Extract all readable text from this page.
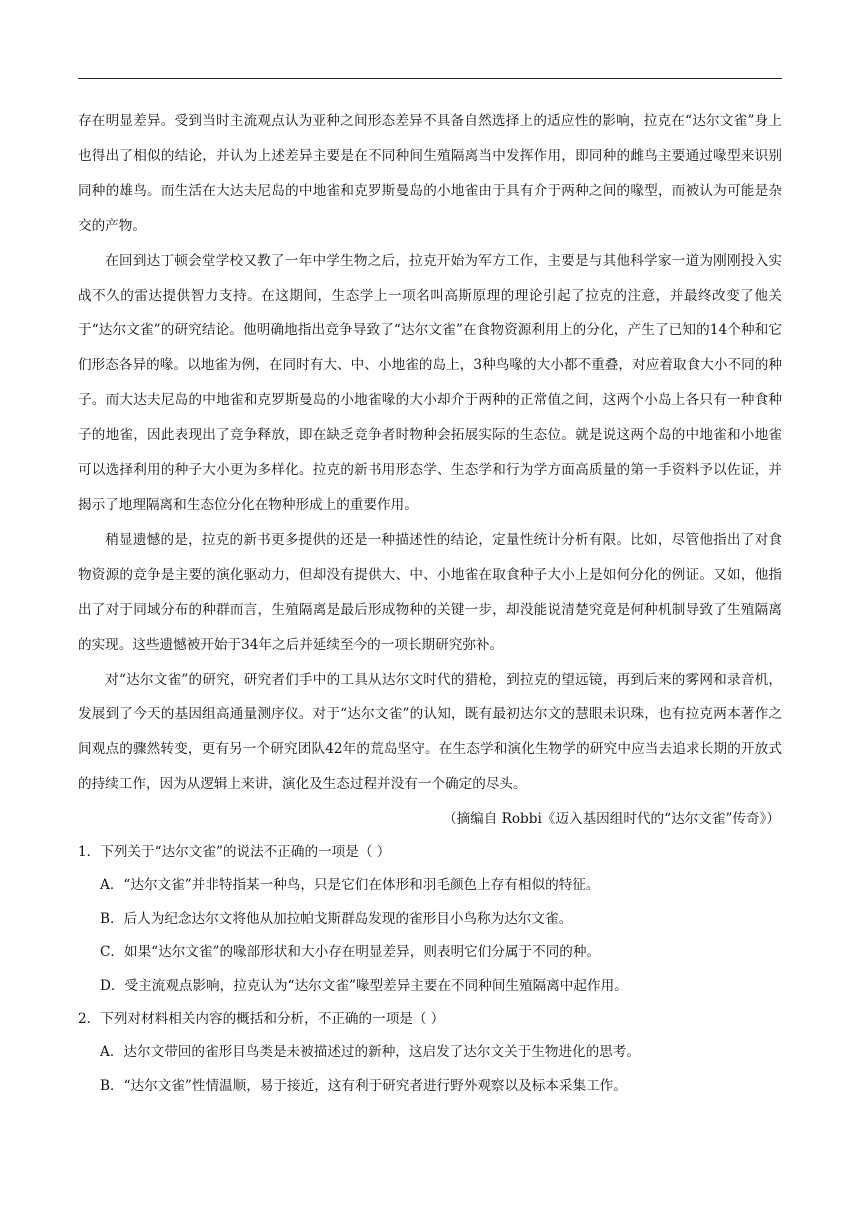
存在明显差异。受到当时主流观点认为亚种之间形态差异不具备自然选择上的适应性的影响，拉克在“达尔文雀”身上也得出了相似的结论，并认为上述差异主要是在不同种间生殖隔离当中发挥作用，即同种的雌鸟主要通过喙型来识别同种的雄鸟。而生活在大达夫尼岛的中地雀和克罗斯曼岛的小地雀由于具有介于两种之间的喙型，而被认为可能是杂交的产物。

在回到达丁顿会堂学校又教了一年中学生物之后，拉克开始为军方工作，主要是与其他科学家一道为刚刚投入实战不久的雷达提供智力支持。在这期间，生态学上一项名叫高斯原理的理论引起了拉克的注意，并最终改变了他关于“达尔文雀”的研究结论。他明确地指出竞争导致了“达尔文雀”在食物资源利用上的分化，产生了已知的14个种和它们形态各异的喙。以地雀为例，在同时有大、中、小地雀的岛上，3种鸟喙的大小都不重叠，对应着取食大小不同的种子。而大达夫尼岛的中地雀和克罗斯曼岛的小地雀喙的大小却介于两种的正常值之间，这两个小岛上各只有一种食种子的地雀，因此表现出了竞争释放，即在缺乏竞争者时物种会拓展实际的生态位。就是说这两个岛的中地雀和小地雀可以选择利用的种子大小更为多样化。拉克的新书用形态学、生态学和行为学方面高质量的第一手资料予以佐证，并揭示了地理隔离和生态位分化在物种形成上的重要作用。

稍显遗憾的是，拉克的新书更多提供的还是一种描述性的结论，定量性统计分析有限。比如，尽管他指出了对食物资源的竞争是主要的演化驱动力，但却没有提供大、中、小地雀在取食种子大小上是如何分化的例证。又如，他指出了对于同域分布的种群而言，生殖隔离是最后形成物种的关键一步，却没能说清楚究竟是何种机制导致了生殖隔离的实现。这些遗憾被开始于34年之后并延续至今的一项长期研究弥补。

对“达尔文雀”的研究，研究者们手中的工具从达尔文时代的猎枪，到拉克的望远镜，再到后来的雾网和录音机，发展到了今天的基因组高通量测序仪。对于“达尔文雀”的认知，既有最初达尔文的慧眼未识珠，也有拉克两本著作之间观点的骤然转变，更有另一个研究团队42年的荒岛坚守。在生态学和演化生物学的研究中应当去追求长期的开放式的持续工作，因为从逻辑上来讲，演化及生态过程并没有一个确定的尽头。

（摘编自 Robbi《迈入基因组时代的“达尔文雀”传奇》）

1．下列关于“达尔文雀”的说法不正确的一项是（ ）

A．“达尔文雀”并非特指某一种鸟，只是它们在体形和羽毛颜色上存有相似的特征。

B．后人为纪念达尔文将他从加拉帕戈斯群岛发现的雀形目小鸟称为达尔文雀。

C．如果“达尔文雀”的喙部形状和大小存在明显差异，则表明它们分属于不同的种。

D．受主流观点影响，拉克认为“达尔文雀”喙型差异主要在不同种间生殖隔离中起作用。

2．下列对材料相关内容的概括和分析，不正确的一项是（ ）

A．达尔文带回的雀形目鸟类是未被描述过的新种，这启发了达尔文关于生物进化的思考。

B．“达尔文雀”性情温顺，易于接近，这有利于研究者进行野外观察以及标本采集工作。
